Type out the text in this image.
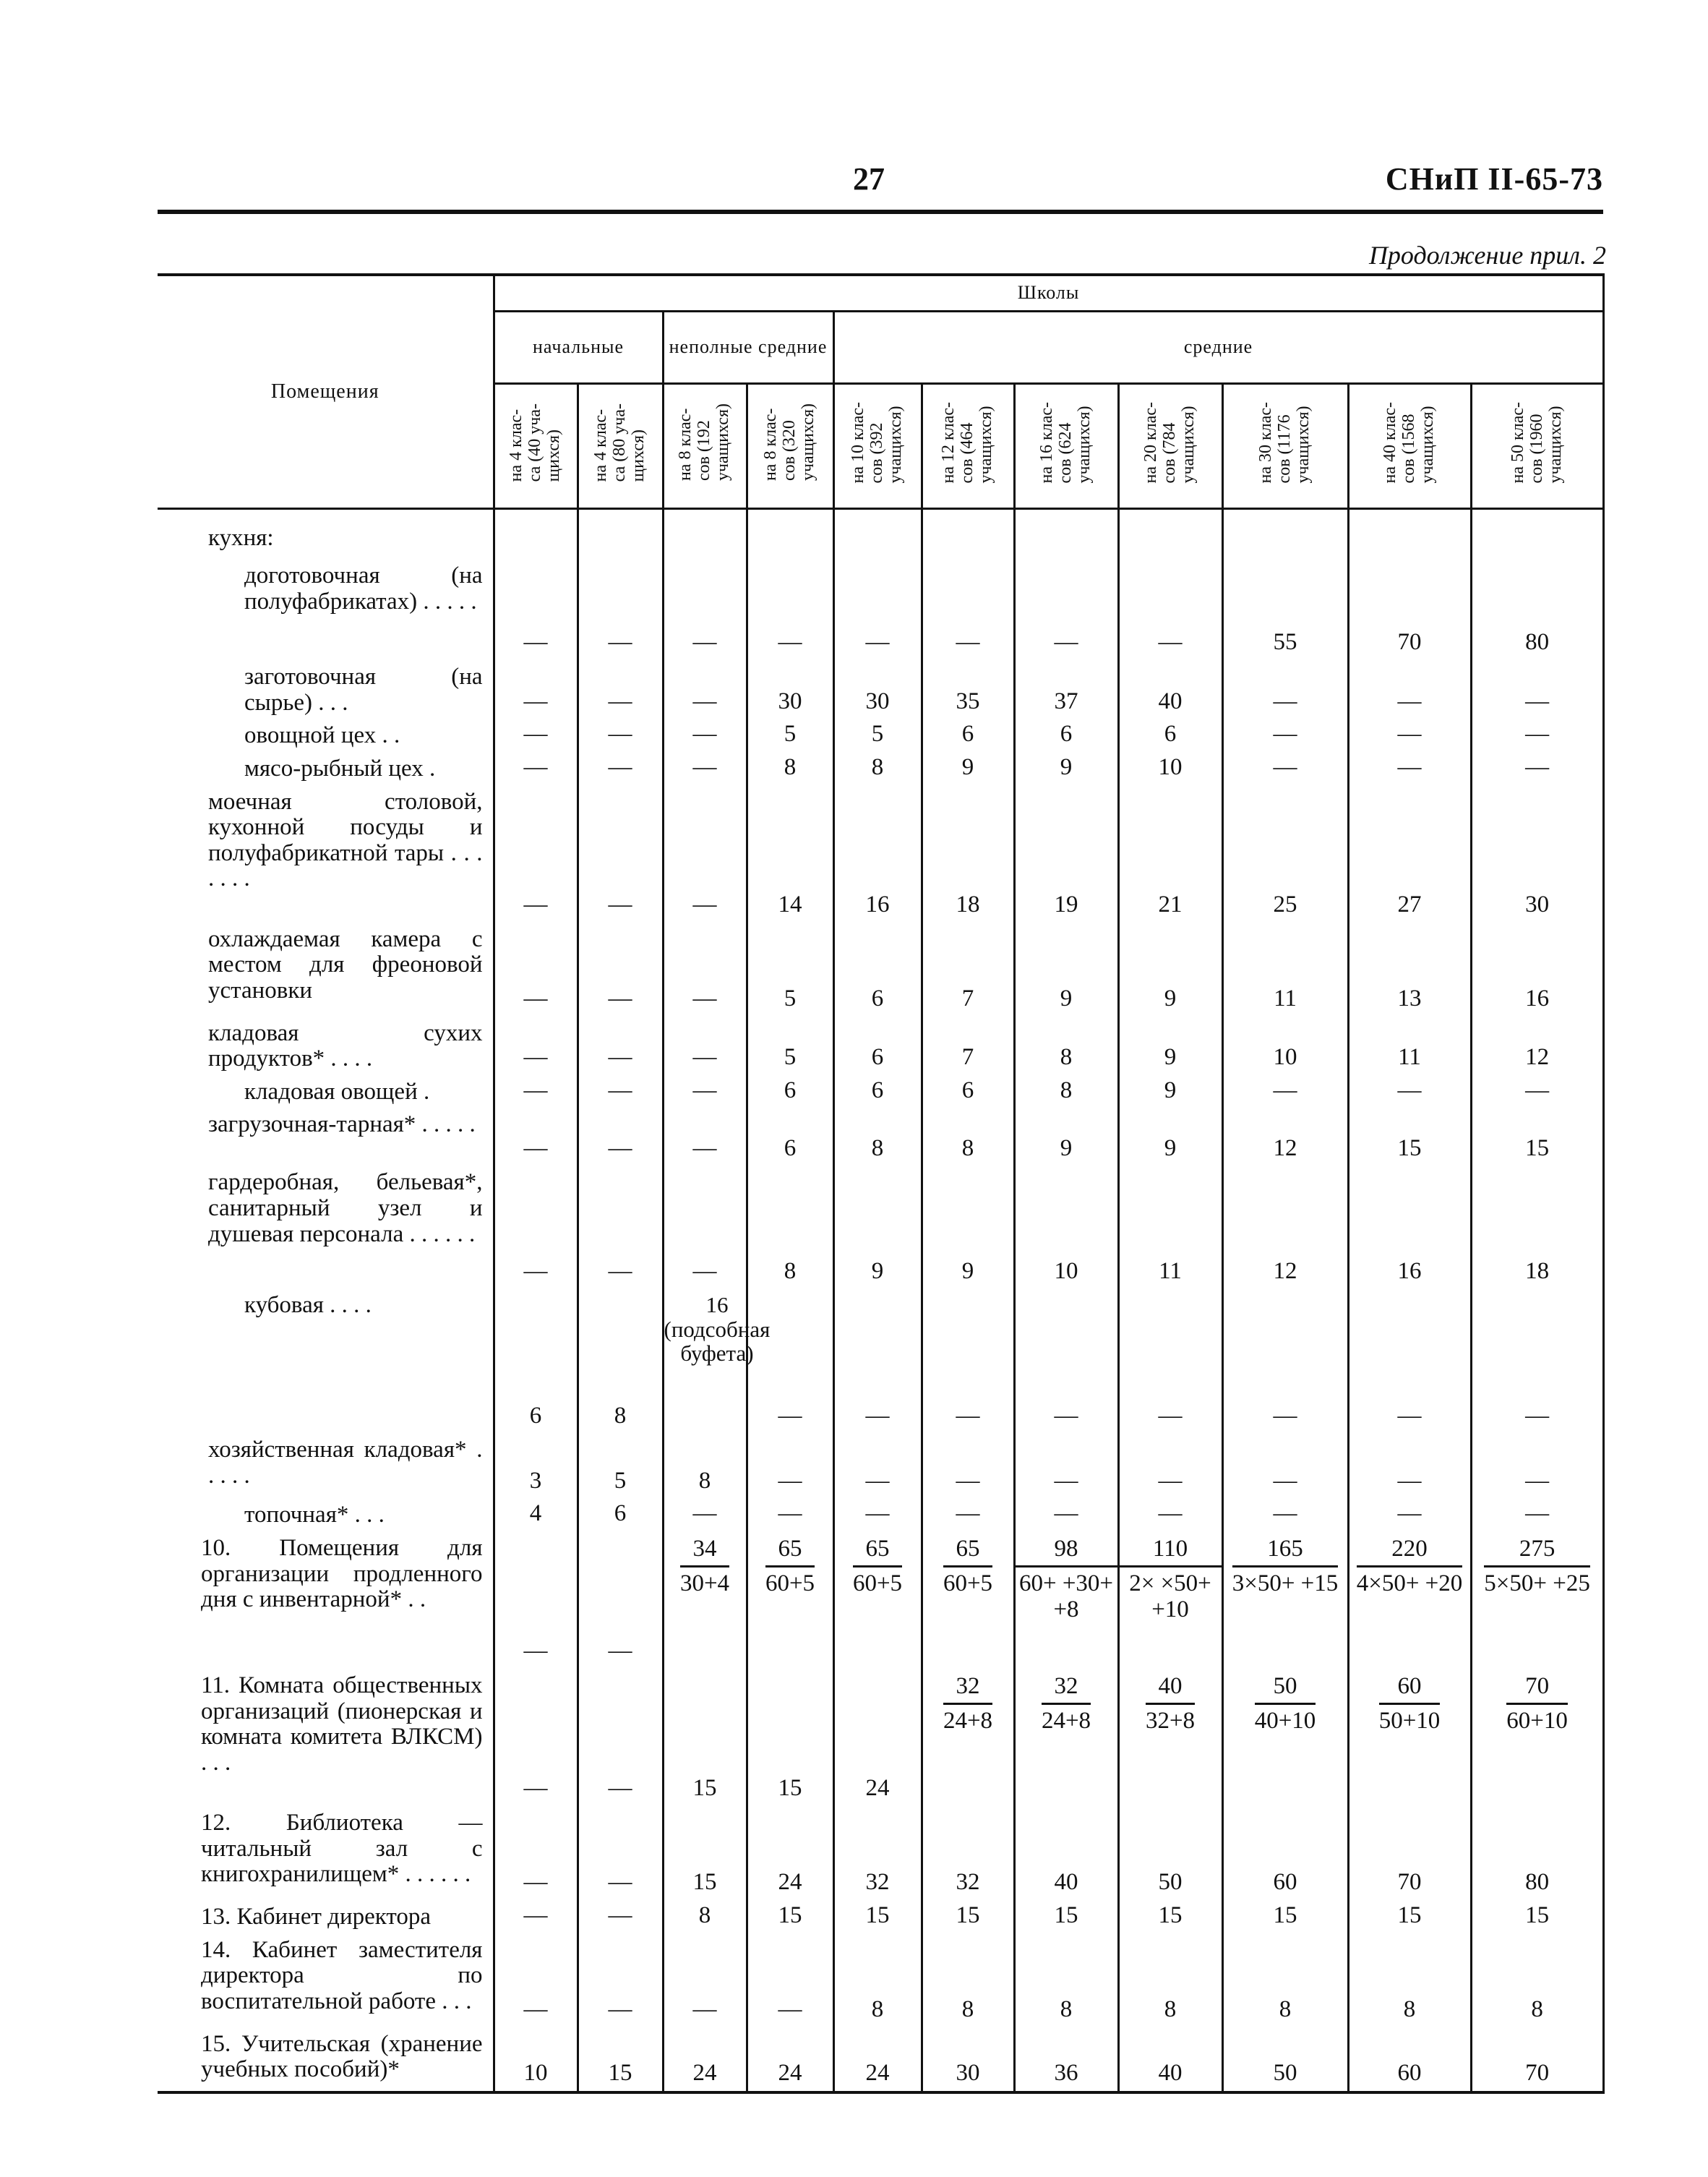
27	СНиП II-65-73
Продолжение прил. 2
Помещения	Школы										
	начальные		неполные средние		средние						
	на 4 клас-
са (40 уча-
щихся)	на 4 клас-
са (80 уча-
щихся)	на 8 клас-
сов (192
учащихся)	на 8 клас-
сов (320
учащихся)	на 10 клас-
сов (392
учащихся)	на 12 клас-
сов (464
учащихся)	на 16 клас-
сов (624
учащихся)	на 20 клас-
сов (784
учащихся)	на 30 клас-
сов (1176
учащихся)	на 40 клас-
сов (1568
учащихся)	на 50 клас-
сов (1960
учащихся)
кухня:											
доготовочная (на полуфабрикатах) . . . . .	—	—	—	—	—	—	—	—	55	70	80
заготовочная (на сырье) . . .	—	—	—	30	30	35	37	40	—	—	—
овощной цех . .	—	—	—	5	5	6	6	6	—	—	—
мясо-рыбный цех .	—	—	—	8	8	9	9	10	—	—	—
моечная столовой, кухонной посуды и полуфабрикатной тары . . . . . . .	—	—	—	14	16	18	19	21	25	27	30
охлаждаемая камера с местом для фреоновой установки	—	—	—	5	6	7	9	9	11	13	16
кладовая сухих продуктов* . . . .	—	—	—	5	6	7	8	9	10	11	12
кладовая овощей .	—	—	—	6	6	6	8	9	—	—	—
загрузочная-тарная* . . . . .	—	—	—	6	8	8	9	9	12	15	15
гардеробная, бельевая*, санитарный узел и душевая персонала . . . . . .	—	—	—	8	9	9	10	11	12	16	18
кубовая . . . .	6	8	16 (подсобная буфета)	—	—	—	—	—	—	—	—
хозяйственная кладовая* . . . . .	3	5	8	—	—	—	—	—	—	—	—
топочная* . . .	4	6	—	—	—	—	—	—	—	—	—
10. Помещения для организации продленного дня с инвентарной* . .	—	—	$\frac{34}{30+4}$	$\frac{65}{60+5}$	$\frac{65}{60+5}$	$\frac{65}{60+5}$	$\frac{98}{60+ +30+ +8}$	$\frac{110}{2\times \times 50+ +10}$	$\frac{165}{3\times 50+ +15}$	$\frac{220}{4\times 50+ +20}$	$\frac{275}{5\times 50+ +25}$

11. Комната общественных организаций (пионерская и комната комитета ВЛКСМ) . . .	—	—	15	15	24	$\frac{32}{24+8}$	$\frac{32}{24+8}$	$\frac{40}{32+8}$	$\frac{50}{40+10}$	$\frac{60}{50+10}$	$\frac{70}{60+10}$

12. Библиотека — читальный зал с книгохранилищем* . . . . . .	—	—	15	24	32	32	40	50	60	70	80
13. Кабинет директора	—	—	8	15	15	15	15	15	15	15	15
14. Кабинет заместителя директора по воспитательной работе . . .	—	—	—	—	8	8	8	8	8	8	8
15. Учительская (хранение учебных пособий)*	10	15	24	24	24	30	36	40	50	60	70
